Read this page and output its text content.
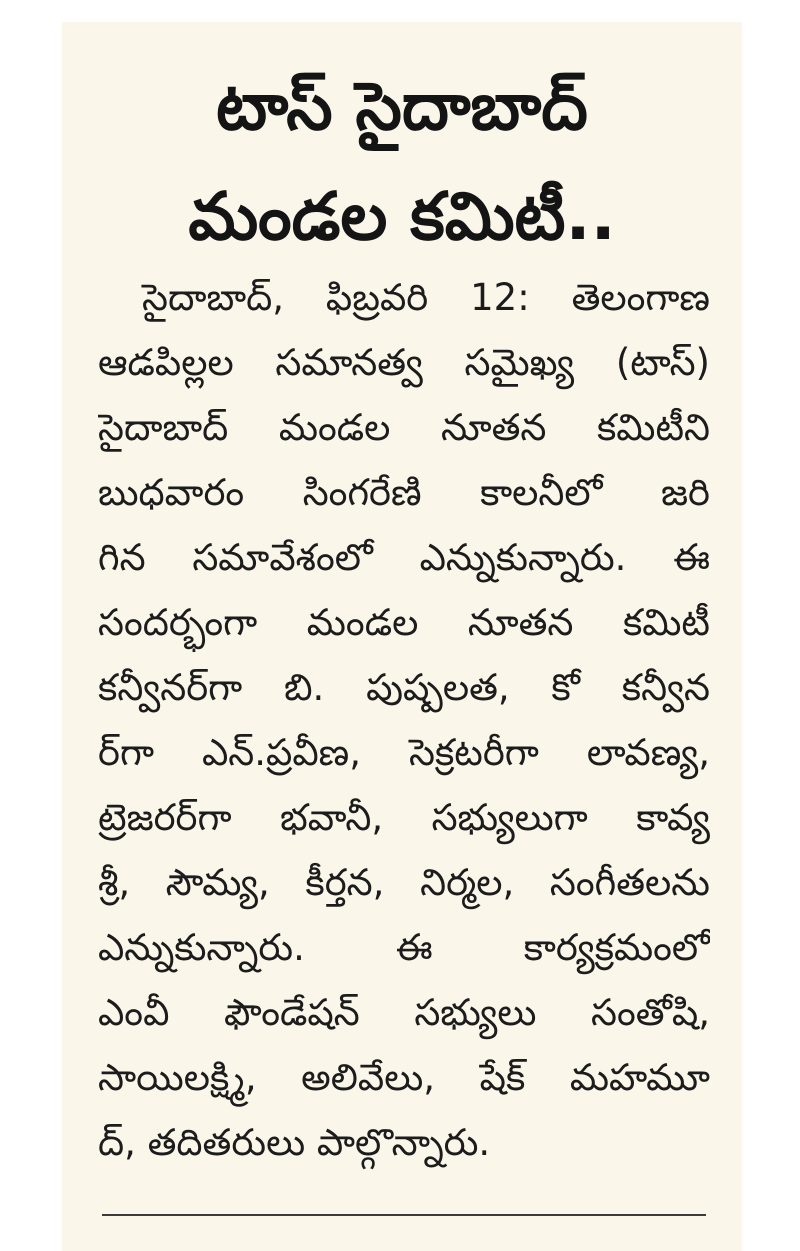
టాస్ సైదాబాద్
మండల కమిటీ..
సైదాబాద్, ఫిబ్రవరి 12: తెలంగాణ
ఆడపిల్లల సమానత్వ సమైఖ్య (టాస్)
సైదాబాద్ మండల నూతన కమిటీని
బుధవారం సింగరేణి కాలనీలో జరి
గిన సమావేశంలో ఎన్నుకున్నారు. ఈ
సందర్భంగా మండల నూతన కమిటీ
కన్వీనర్‌గా బి. పుష్పలత, కో కన్వీన
ర్‌గా ఎన్.ప్రవీణ, సెక్రటరీగా లావణ్య,
ట్రెజరర్‌గా భవానీ, సభ్యులుగా కావ్య
శ్రీ, సౌమ్య, కీర్తన, నిర్మల, సంగీతలను
ఎన్నుకున్నారు. ఈ కార్యక్రమంలో
ఎంవీ ఫౌండేషన్ సభ్యులు సంతోషి,
సాయిలక్ష్మి, అలివేలు, షేక్ మహమూ
ద్, తదితరులు పాల్గొన్నారు.
